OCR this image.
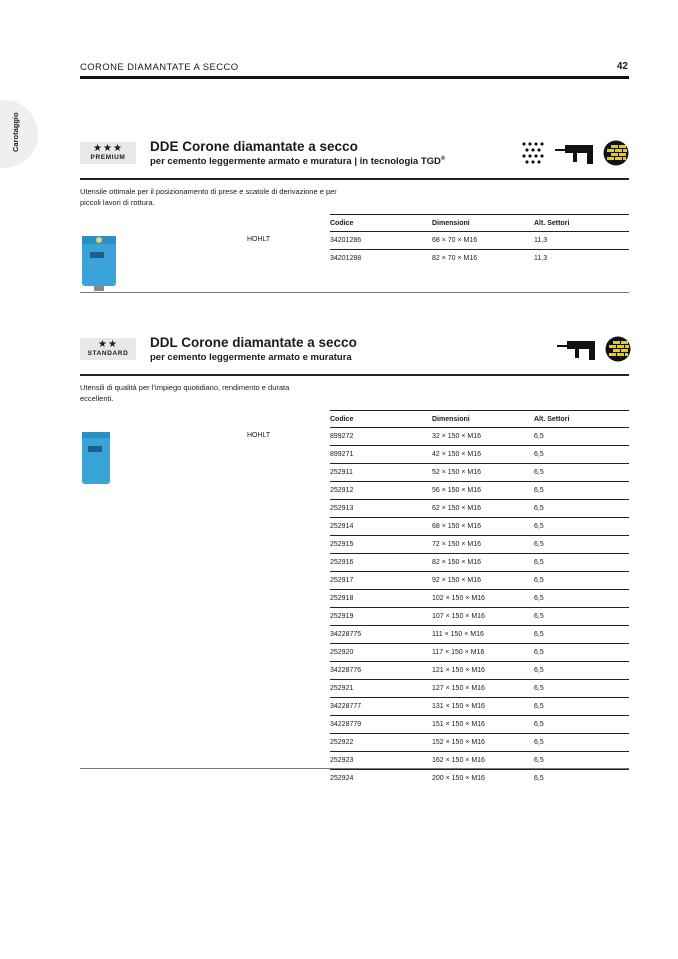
Carotaggio
CORONE DIAMANTATE A SECCO	42
★★★
PREMIUM
DDE Corone diamantate a secco
per cemento leggermente armato e muratura | in tecnologia TGD®
Utensile ottimale per il posizionamento di prese e scatole di derivazione e per piccoli lavori di rottura.
HOHLT
Codice	Dimensioni	Alt. Settori
34201286	68 × 70 × M16	11,3
34201288	82 × 70 × M16	11,3
★★
STANDARD
DDL Corone diamantate a secco
per cemento leggermente armato e muratura
Utensili di qualità per l’impiego quotidiano, rendimento e durata eccellenti.
HOHLT
Codice	Dimensioni	Alt. Settori
899272	32 × 150 × M16	6,5
899271	42 × 150 × M16	6,5
252911	52 × 150 × M16	6,5
252912	56 × 150 × M16	6,5
252913	62 × 150 × M16	6,5
252914	68 × 150 × M16	6,5
252915	72 × 150 × M16	6,5
252916	82 × 150 × M16	6,5
252917	92 × 150 × M16	6,5
252918	102 × 150 × M16	6,5
252919	107 × 150 × M16	6,5
34228775	111 × 150 × M16	6,5
252920	117 × 150 × M16	6,5
34228776	121 × 150 × M16	6,5
252921	127 × 150 × M16	6,5
34228777	131 × 150 × M16	6,5
34228779	151 × 150 × M16	6,5
252922	152 × 150 × M16	6,5
252923	162 × 150 × M16	6,5
252924	200 × 150 × M16	6,5
